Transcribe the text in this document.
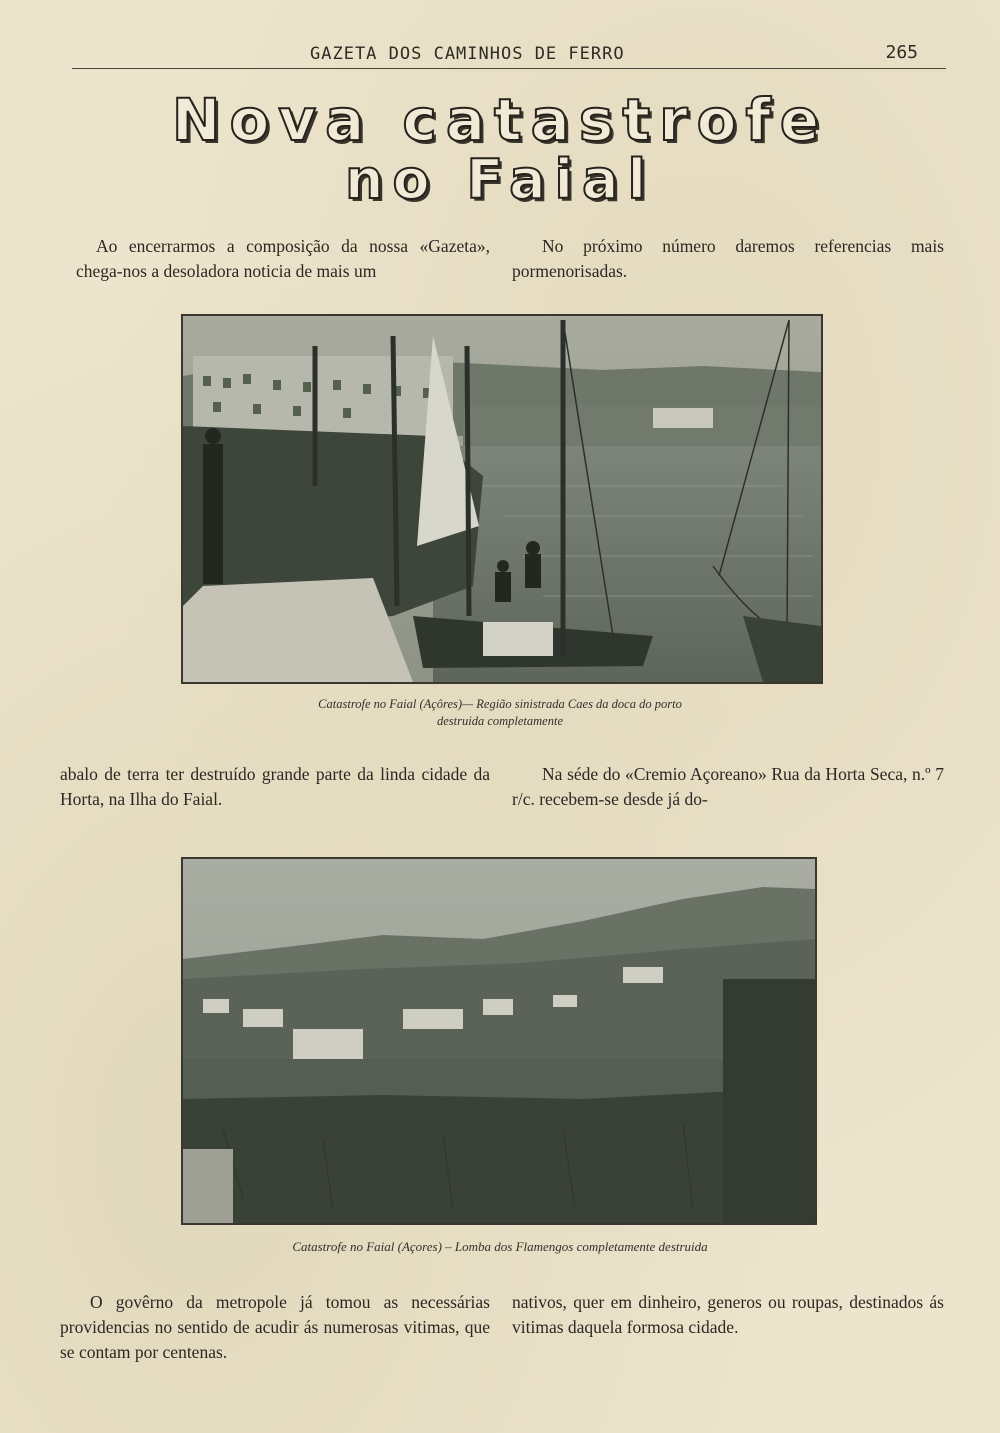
GAZETA DOS CAMINHOS DE FERRO	265
Nova catastrofe
no Faial
Ao encerrarmos a composição da nossa «Gazeta», chega-nos a desoladora noticia de mais um
No próximo número daremos referencias mais pormenorisadas.
Catastrofe no Faial (Açôres)— Região sinistrada Caes da doca do porto
destruida completamente
abalo de terra ter destruído grande parte da linda cidade da Horta, na Ilha do Faial.
Na séde do «Cremio Açoreano» Rua da Horta Seca, n.º 7 r/c. recebem-se desde já do-
Catastrofe no Faial (Açores) – Lomba dos Flamengos completamente destruida
O govêrno da metropole já tomou as necessárias providencias no sentido de acudir ás numerosas vitimas, que se contam por centenas.
nativos, quer em dinheiro, generos ou roupas, destinados ás vitimas daquela formosa cidade.
